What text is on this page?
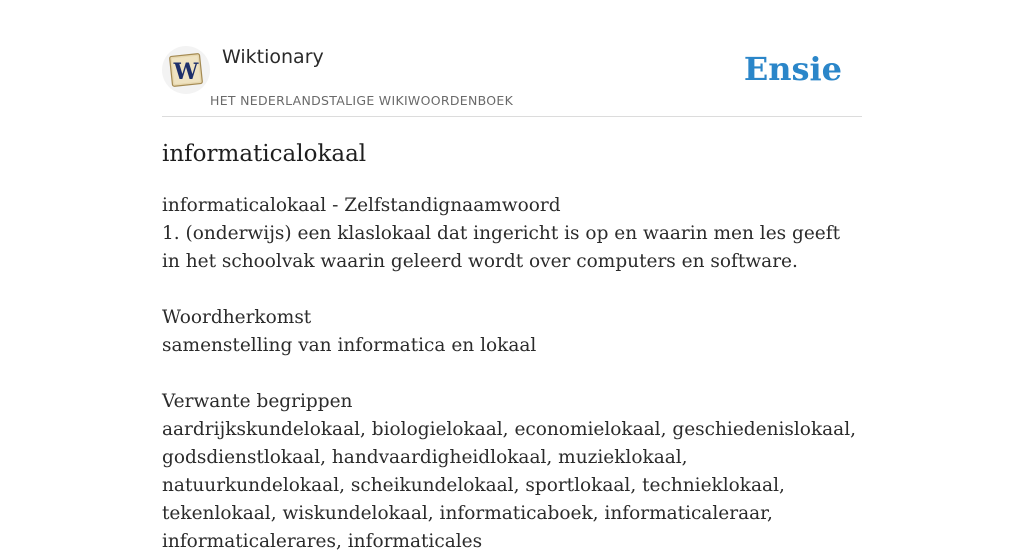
W
Wiktionary
HET NEDERLANDSTALIGE WIKIWOORDENBOEK
Ensie
informaticalokaal

informaticalokaal - Zelfstandignaamwoord
1. (onderwijs) een klaslokaal dat ingericht is op en waarin men les geeft in het schoolvak waarin geleerd wordt over computers en software.

Woordherkomst
samenstelling van informatica en lokaal

Verwante begrippen
aardrijkskundelokaal, biologielokaal, economielokaal, geschiedenislokaal, godsdienstlokaal, handvaardigheidlokaal, muzieklokaal, natuurkundelokaal, scheikundelokaal, sportlokaal, technieklokaal, tekenlokaal, wiskundelokaal, informaticaboek, informaticaleraar, informaticalerares, informaticales
